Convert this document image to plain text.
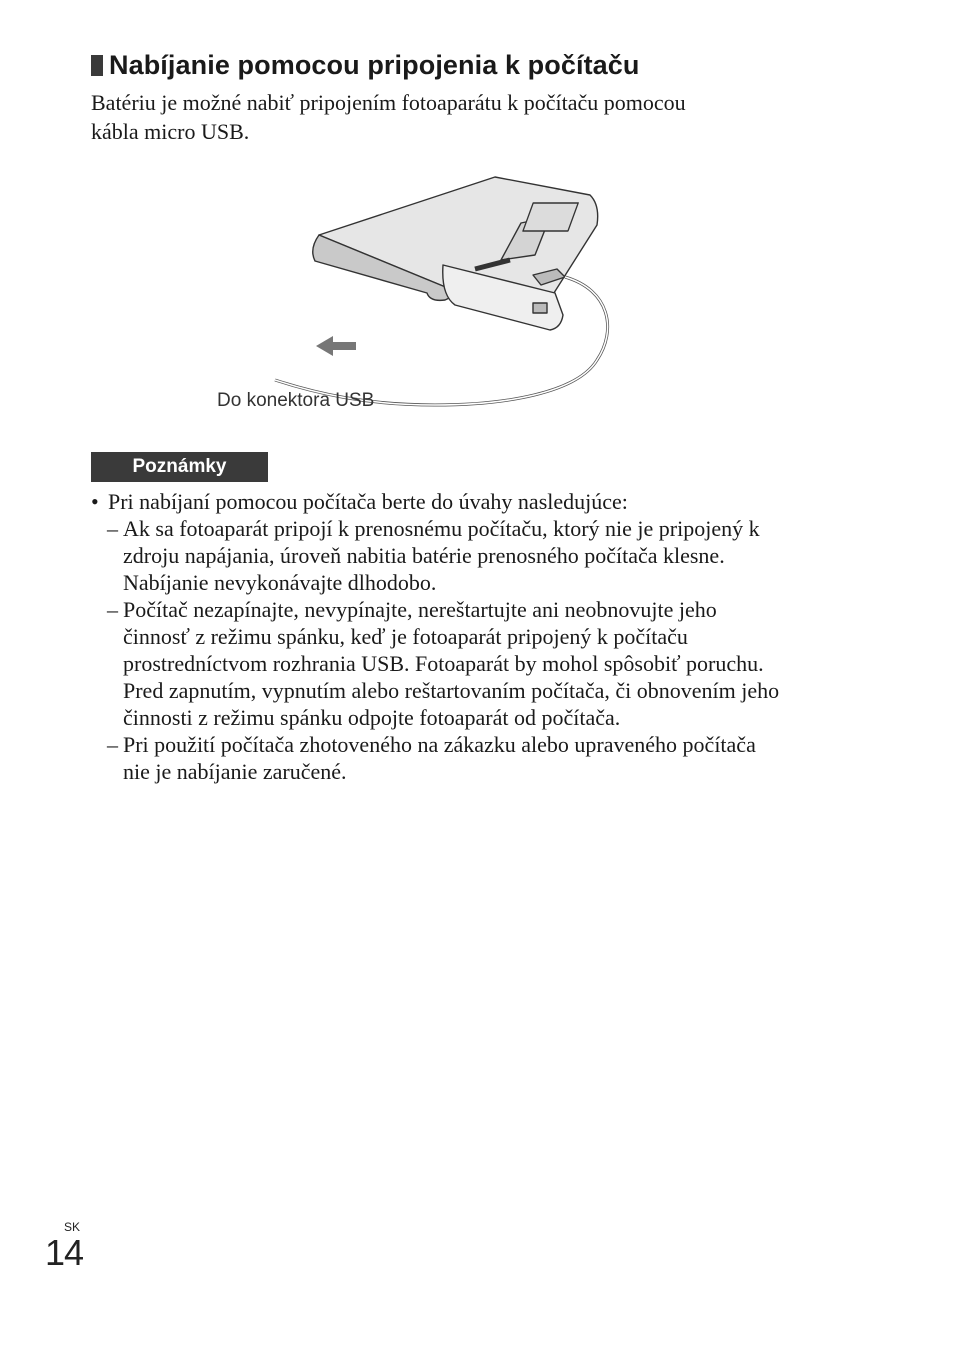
Nabíjanie pomocou pripojenia k počítaču
Batériu je možné nabiť pripojením fotoaparátu k počítaču pomocou
kábla micro USB.
Do konektora USB
Poznámky
• Pri nabíjaní pomocou počítača berte do úvahy nasledujúce:
– Ak sa fotoaparát pripojí k prenosnému počítaču, ktorý nie je pripojený k
zdroju napájania, úroveň nabitia batérie prenosného počítača klesne.
Nabíjanie nevykonávajte dlhodobo.
– Počítač nezapínajte, nevypínajte, nereštartujte ani neobnovujte jeho
činnosť z režimu spánku, keď je fotoaparát pripojený k počítaču
prostredníctvom rozhrania USB. Fotoaparát by mohol spôsobiť poruchu.
Pred zapnutím, vypnutím alebo reštartovaním počítača, či obnovením jeho
činnosti z režimu spánku odpojte fotoaparát od počítača.
– Pri použití počítača zhotoveného na zákazku alebo upraveného počítača
nie je nabíjanie zaručené.
SK
14
